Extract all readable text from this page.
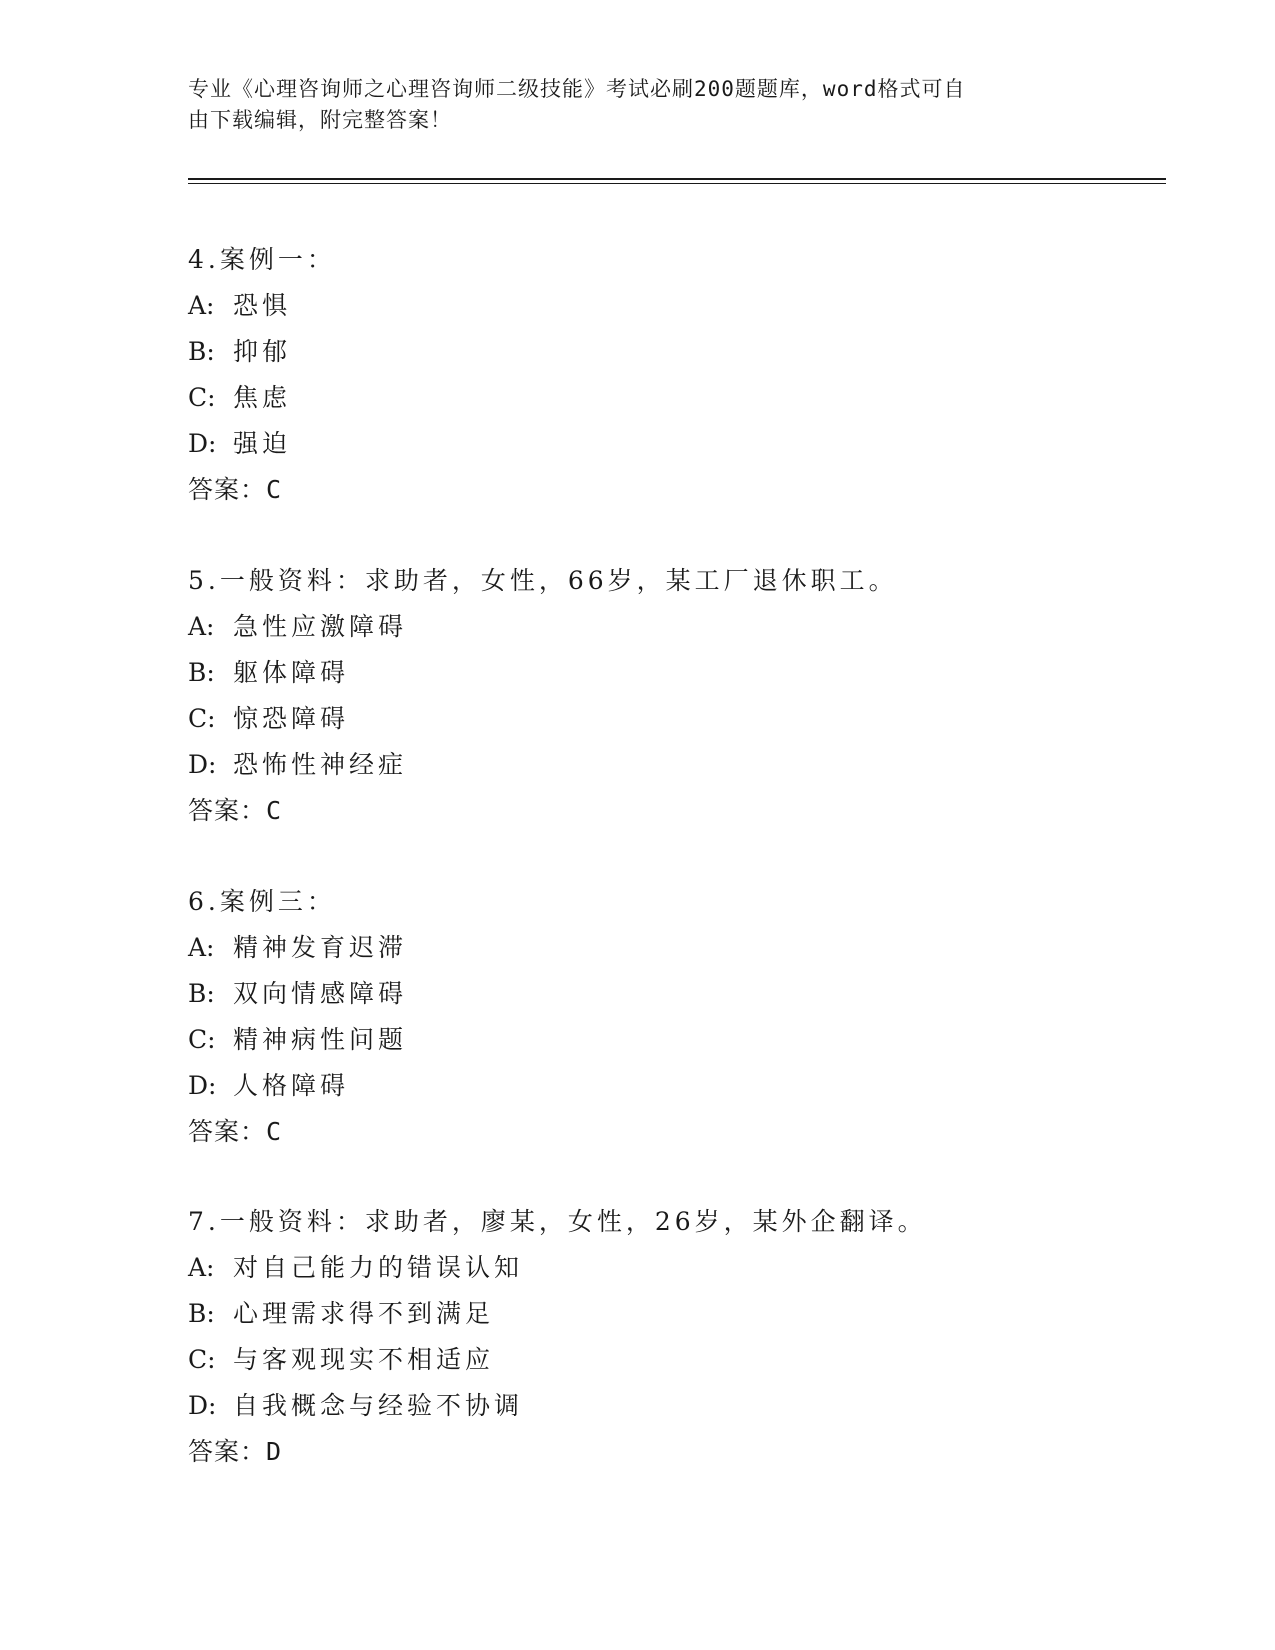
专业《心理咨询师之心理咨询师二级技能》考试必刷200题题库，word格式可自
由下载编辑，附完整答案！
4.案例一：
A: 恐惧
B: 抑郁
C: 焦虑
D: 强迫
答案：C
5.一般资料：求助者，女性，66岁，某工厂退休职工。
A: 急性应激障碍
B: 躯体障碍
C: 惊恐障碍
D: 恐怖性神经症
答案：C
6.案例三：
A: 精神发育迟滞
B: 双向情感障碍
C: 精神病性问题
D: 人格障碍
答案：C
7.一般资料：求助者，廖某，女性，26岁，某外企翻译。
A: 对自己能力的错误认知
B: 心理需求得不到满足
C: 与客观现实不相适应
D: 自我概念与经验不协调
答案：D
